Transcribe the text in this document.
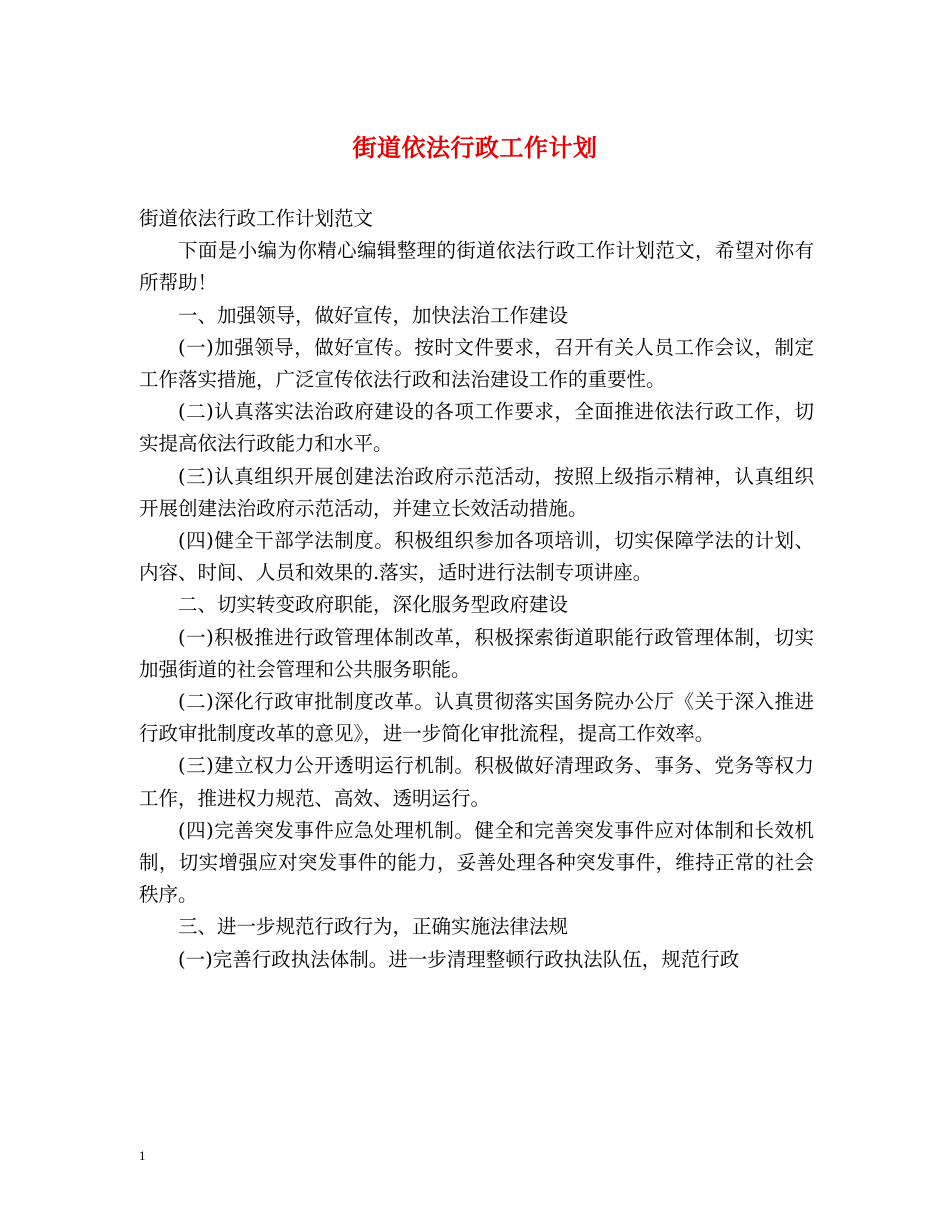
街道依法行政工作计划

街道依法行政工作计划范文

下面是小编为你精心编辑整理的街道依法行政工作计划范文，希望对你有所帮助！

一、加强领导，做好宣传，加快法治工作建设

(一)加强领导，做好宣传。按时文件要求，召开有关人员工作会议，制定工作落实措施，广泛宣传依法行政和法治建设工作的重要性。

(二)认真落实法治政府建设的各项工作要求，全面推进依法行政工作，切实提高依法行政能力和水平。

(三)认真组织开展创建法治政府示范活动，按照上级指示精神，认真组织开展创建法治政府示范活动，并建立长效活动措施。

(四)健全干部学法制度。积极组织参加各项培训，切实保障学法的计划、内容、时间、人员和效果的.落实，适时进行法制专项讲座。

二、切实转变政府职能，深化服务型政府建设

(一)积极推进行政管理体制改革，积极探索街道职能行政管理体制，切实加强街道的社会管理和公共服务职能。

(二)深化行政审批制度改革。认真贯彻落实国务院办公厅《关于深入推进行政审批制度改革的意见》，进一步简化审批流程，提高工作效率。

(三)建立权力公开透明运行机制。积极做好清理政务、事务、党务等权力工作，推进权力规范、高效、透明运行。

(四)完善突发事件应急处理机制。健全和完善突发事件应对体制和长效机制，切实增强应对突发事件的能力，妥善处理各种突发事件，维持正常的社会秩序。

三、进一步规范行政行为，正确实施法律法规

(一)完善行政执法体制。进一步清理整顿行政执法队伍，规范行政

1
